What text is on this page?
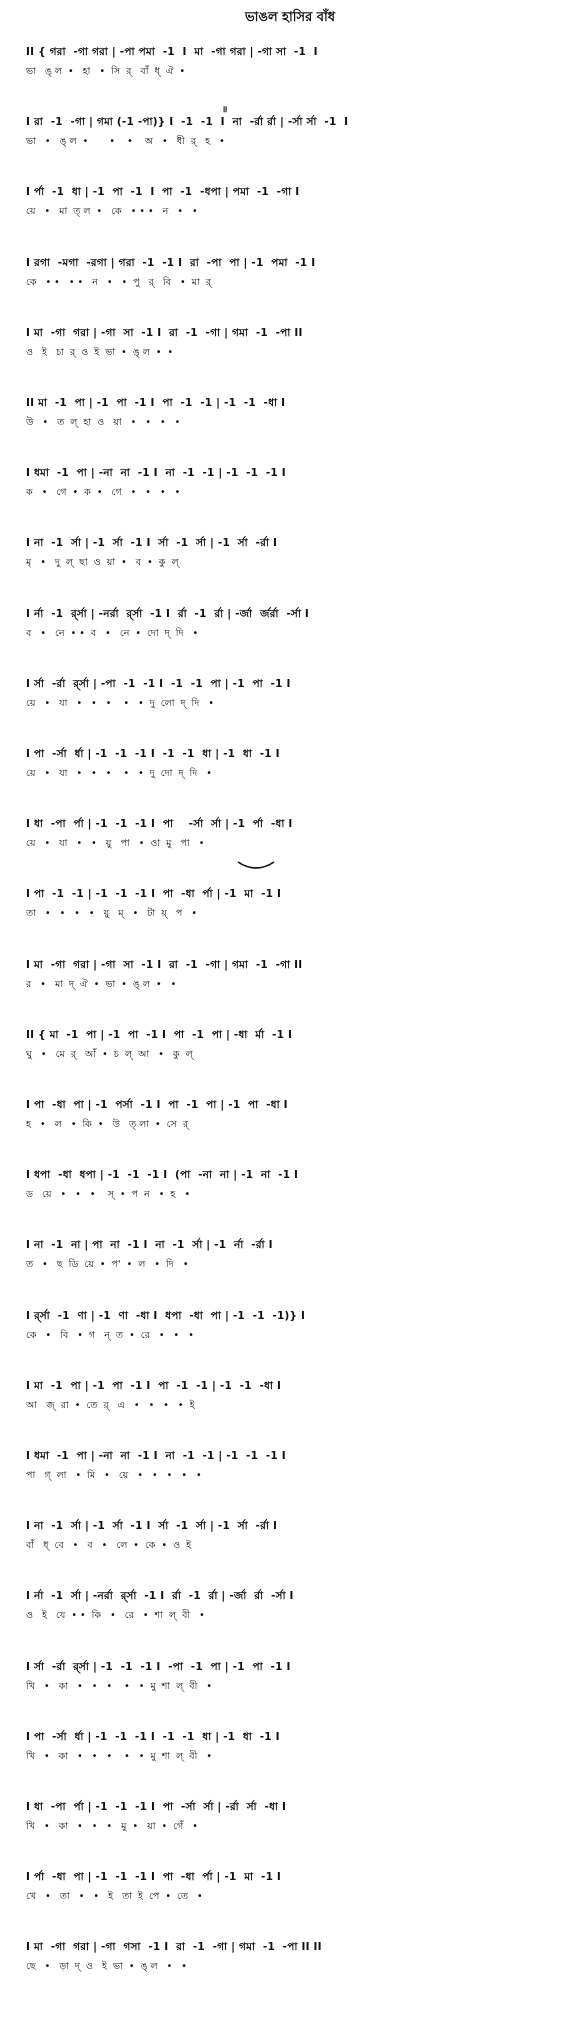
ভাঙল হাসির বাঁধ
॥
II { গরা  -গা গরা | -পা পমা  -1  I  মা  -গা গরা | -গা সা  -1  I
ভা   ঙ্ ল  •   হা   •  সি  র্   বাঁ  ধ্  ঐ  •
I রা  -1  -গা | গমা (-1 -পা)} I  -1  -1  I  না  -র্রা র্রা | -র্সা র্সা  -1  I
ভা   •   ঙ্ ল  •       •    •    অ   •   ধী  র্   হ   •
I র্পা  -1  ধা | -1  পা  -1  I  পা  -1  -ধপা | পমা  -1  -গা I
য়ে   •   মা  ত্ ল  •   কে   • • •   ন   •   •
I রগা  -মগা  -রগা | গরা  -1  -1 I  রা  -পা  পা | -1  পমা  -1 I
কে   • •   • •   ন   •   •  পু   র্   বি   •  মা  র্
I মা  -গা  গরা | -গা  সা  -1 I  রা  -1  -গা | গমা  -1  -পা II
ও   ই   চা  র্  ও  ই  ভা  •  ঙ্ ল  •  •
II মা  -1  পা | -1  পা  -1 I  পা  -1  -1 | -1  -1  -ধা I
উ   •   ত  ল্  হা  ও   য়া   •   •   •   •
I ধমা  -1  পা | -না  না  -1 I  না  -1  -1 | -1  -1  -1 I
ক   •   গে  •  ক  •   গে   •   •   •   •
I না  -1  র্সা | -1  র্সা  -1 I  র্সা  -1  র্সা | -1  র্সা  -র্রা I
মৃ   •   দু  ল্  ছা  ও  য়া  •   ব  •  কু  ল্
I র্না  -1  র্র্সা | -নর্রা  র্র্সা  -1 I  র্রা  -1  র্রা | -র্জা  র্জর্রা  -র্সা I
ব   •   নে  • •  ব   •   নে  •  দো  দ্  দি   •
I র্সা  -র্রা  র্র্সা | -পা  -1  -1 I  -1  -1  পা | -1  পা  -1 I
য়ে   •   যা   •   •   •    •   •  দু  লো  দ্  দি   •
I পা  -র্সা  র্ধা | -1  -1  -1 I  -1  -1  ধা | -1  ধা  -1 I
য়ে   •   যা   •   •   •    •   •  দু  দো  দ্  দি   •
I ধা  -পা  র্পা | -1  -1  -1 I  পা    -র্সা  র্সা | -1  র্পা  -ধা I
য়ে   •   যা   •   •   য়ু   পা   •  ওা  মু   পা   •
I পা  -1  -1 | -1  -1  -1 I  পা  -ধা  র্পা | -1  মা  -1 I
তা   •   •   •   •   য়ু   ম্   •   টা  য়্   প   •
I মা  -গা  গরা | -গা  সা  -1 I  রা  -1  -গা | গমা  -1  -গা II
র   •   মা  দ্  ঐ  •  ভা  •  ঙ্ ল  •   •
II { মা  -1  পা | -1  পা  -1 I  পা  -1  পা | -ধা  র্মা  -1 I
ঘু   •   মে  র্   আঁ  •  চ  ল্  আ   •   কু  ল্
I পা  -ধা  পা | -1  পর্সা  -1 I  পা  -1  পা | -1  পা  -ধা I
হ   •   ল   •  কি  •   উ   ত্ লা  •  সে  র্
I ধপা  -ধা  ধপা | -1  -1  -1 I  (পা  -না  না | -1  না  -1 I
ড   য়ে   •   •   •    স্  •  প  ন   •  হ   •
I না  -1  না | পা  না  -1 I  না  -1  র্সা | -1  র্না  -র্রা I
ত   •   ছ  ডি  য়ে  •  প'  •  ল   •  দি   •
I র্র্সা  -1  ণা | -1  ণা  -ধা I  ধপা  -ধা  পা | -1  -1  -1)} I
কে   •   বি   •  গ   ন্  ত  •  রে   •   •   •
I মা  -1  পা | -1  পা  -1 I  পা  -1  -1 | -1  -1  -ধা I
আ   জ্  রা  •  তে  র্   এ   •   •   •   •  ই
I ধমা  -1  পা | -না  না  -1 I  না  -1  -1 | -1  -1  -1 I
পা   গ্  লা   •  মি   •   য়ে   •   •   •   •   •
I না  -1  র্সা | -1  র্সা  -1 I  র্সা  -1  র্সা | -1  র্সা  -র্রা I
বাঁ   ধ্  বে   •   ব   •   লে  •  কে  •  ও  ই
I র্না  -1  র্সা | -নর্রা  র্র্সা  -1 I  র্রা  -1  র্রা | -র্জা  র্রা  -র্সা I
ও   ই   যে  • •  কি   •   রে   •  শা  ল্  বী   •
I র্সা  -র্রা  র্র্সা | -1  -1  -1 I  -পা  -1  পা | -1  পা  -1 I
খি   •   কা   •   •   •    •   •  মু  শা  ল্  বী   •
I পা  -র্সা  র্ধা | -1  -1  -1 I  -1  -1  ধা | -1  ধা  -1 I
খি   •   কা   •   •   •    •   •  মু  শা  ল্  বী   •
I ধা  -পা  র্পা | -1  -1  -1 I  পা  -র্সা  র্সা | -র্রা  র্সা  -ধা I
খি   •   কা   •   •   •   মু  •   য়া  •  গেঁ   •
I র্পা  -ধা  পা | -1  -1  -1 I  পা  -ধা  র্পা | -1  মা  -1 I
খে   •   তা   •   •   ই   তা  ই  পে  •  তে   •
I মা  -গা  গরা | -গা  গসা  -1 I  রা  -1  -গা | গমা  -1  -পা II II
ছে   •   ড়া  দ্  ও   ই  ভা  •  ঙ্ ল   •   •
